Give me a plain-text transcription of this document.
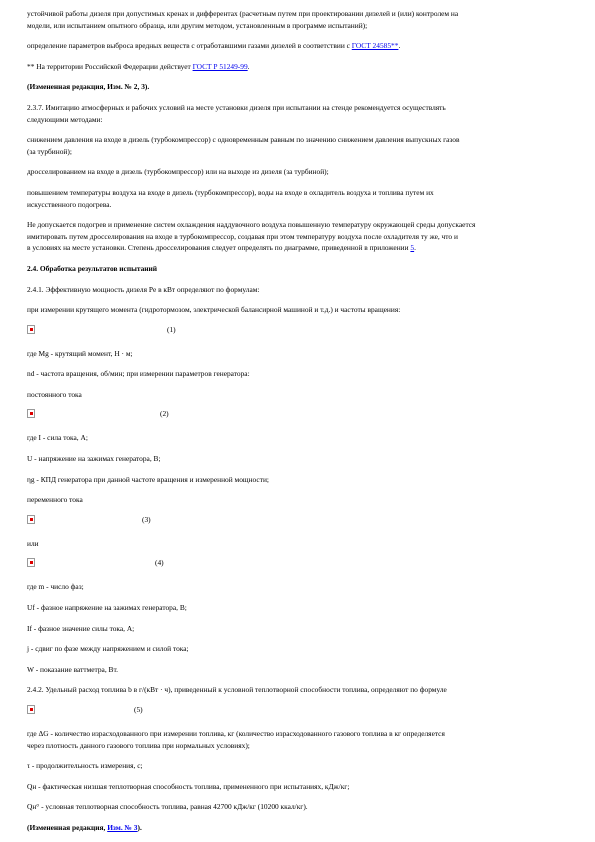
устойчивой работы дизеля при допустимых кренах и дифферентах (расчетным путем при проектировании дизелей и (или) контролем на

модели, или испытанием опытного образца, или другим методом, установленным в программе испытаний);

определение параметров выброса вредных веществ с отработавшими газами дизелей в соответствии с ГОСТ 24585**.

** На территории Российской Федерации действует ГОСТ Р 51249-99.

(Измененная редакция, Изм. № 2, 3).

2.3.7. Имитацию атмосферных и рабочих условий на месте установки дизеля при испытании на стенде рекомендуется осуществлять
следующими методами:

снижением давления на входе в дизель (турбокомпрессор) с одновременным равным по значению снижением давления выпускных газов
(за турбиной);

дросселированием на входе в дизель (турбокомпрессор) или на выходе из дизеля (за турбиной);

повышением температуры воздуха на входе в дизель (турбокомпрессор), воды на входе в охладитель воздуха и топлива путем их
искусственного подогрева.

Не допускается подогрев и применение систем охлаждения наддувочного воздуха повышенную температуру окружающей среды допускается
имитировать путем дросселирования на входе в турбокомпрессор, создавая при этом температуру воздуха после охладителя ту же, что и
в условиях на месте установки. Степень дросселирования следует определять по диаграмме, приведенной в приложении 5.

2.4. Обработка результатов испытаний

2.4.1. Эффективную мощность дизеля Pe в кВт определяют по формулам:

при измерении крутящего момента (гидротормозом, электрической балансирной машиной и т.д.) и частоты вращения:

(1)

где Mg - крутящий момент, Н · м;

nd - частота вращения, об/мин; при измерении параметров генератора:

постоянного тока

(2)

где I - сила тока, А;

U - напряжение на зажимах генератора, В;

ηg - КПД генератора при данной частоте вращения и измеренной мощности;

переменного тока

(3)

или

(4)

где m - число фаз;

Uf - фазное напряжение на зажимах генератора, В;

If - фазное значение силы тока, А;

j - сдвиг по фазе между напряжением и силой тока;

W - показание ваттметра, Вт.

2.4.2. Удельный расход топлива b в г/(кВт · ч), приведенный к условной теплотворной способности топлива, определяют по формуле

(5)

где ΔG - количество израсходованного при измерении топлива, кг (количество израсходованного газового топлива в кг определяется
через плотность данного газового топлива при нормальных условиях);

τ - продолжительность измерения, с;

Qн - фактическая низшая теплотворная способность топлива, примененного при испытаниях, кДж/кг;

Qн° - условная теплотворная способность топлива, равная 42700 кДж/кг (10200 ккал/кг).

(Измененная редакция, Изм. № 3).
